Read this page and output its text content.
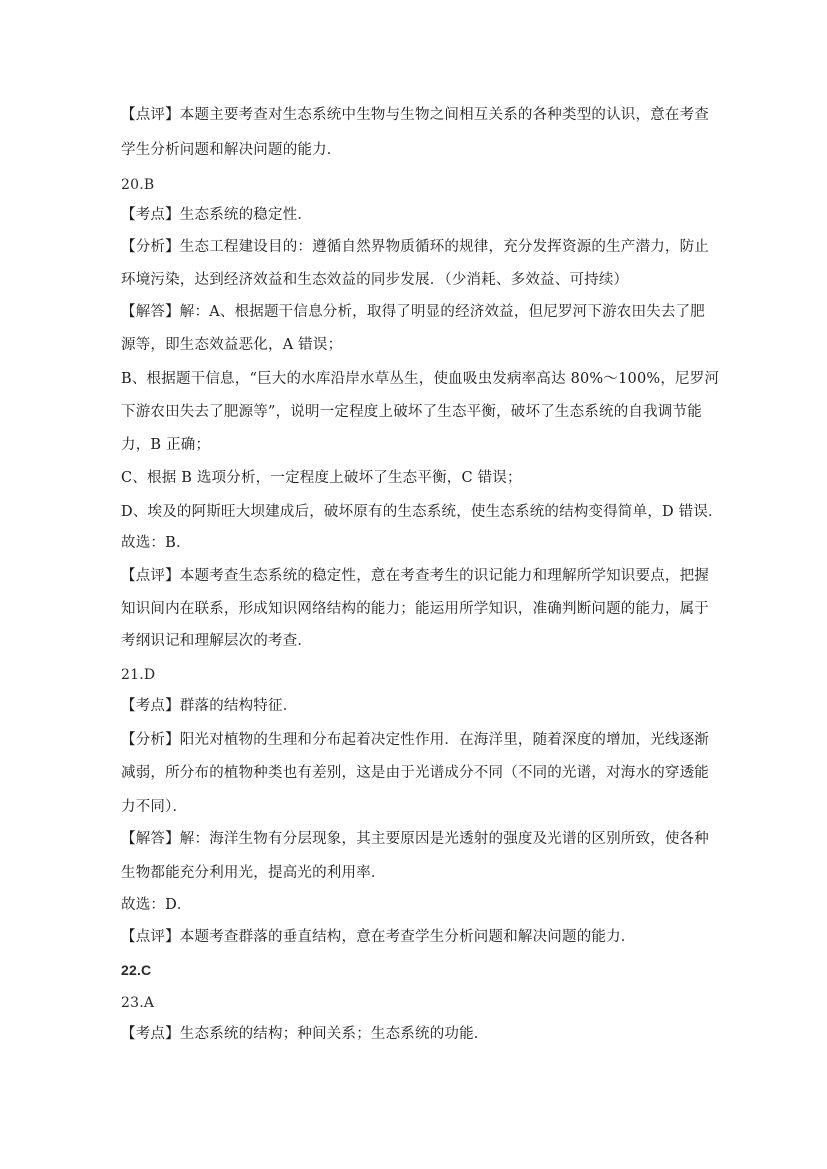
【点评】本题主要考查对生态系统中生物与生物之间相互关系的各种类型的认识，意在考查
学生分析问题和解决问题的能力．
20.B
【考点】生态系统的稳定性．
【分析】生态工程建设目的：遵循自然界物质循环的规律，充分发挥资源的生产潜力，防止
环境污染，达到经济效益和生态效益的同步发展．（少消耗、多效益、可持续）
【解答】解：A、根据题干信息分析，取得了明显的经济效益，但尼罗河下游农田失去了肥
源等，即生态效益恶化，A 错误；
B、根据题干信息，“巨大的水库沿岸水草丛生，使血吸虫发病率高达 80%～100%，尼罗河
下游农田失去了肥源等”，说明一定程度上破坏了生态平衡，破坏了生态系统的自我调节能
力，B 正确；
C、根据 B 选项分析，一定程度上破坏了生态平衡，C 错误；
D、埃及的阿斯旺大坝建成后，破坏原有的生态系统，使生态系统的结构变得简单，D 错误．
故选：B．
【点评】本题考查生态系统的稳定性，意在考查考生的识记能力和理解所学知识要点，把握
知识间内在联系，形成知识网络结构的能力；能运用所学知识，准确判断问题的能力，属于
考纲识记和理解层次的考查．
21.D
【考点】群落的结构特征．
【分析】阳光对植物的生理和分布起着决定性作用．在海洋里，随着深度的增加，光线逐渐
减弱，所分布的植物种类也有差别，这是由于光谱成分不同（不同的光谱，对海水的穿透能
力不同）．
【解答】解：海洋生物有分层现象，其主要原因是光透射的强度及光谱的区别所致，使各种
生物都能充分利用光，提高光的利用率．
故选：D．
【点评】本题考查群落的垂直结构，意在考查学生分析问题和解决问题的能力．
22.C
23.A
【考点】生态系统的结构；种间关系；生态系统的功能．
